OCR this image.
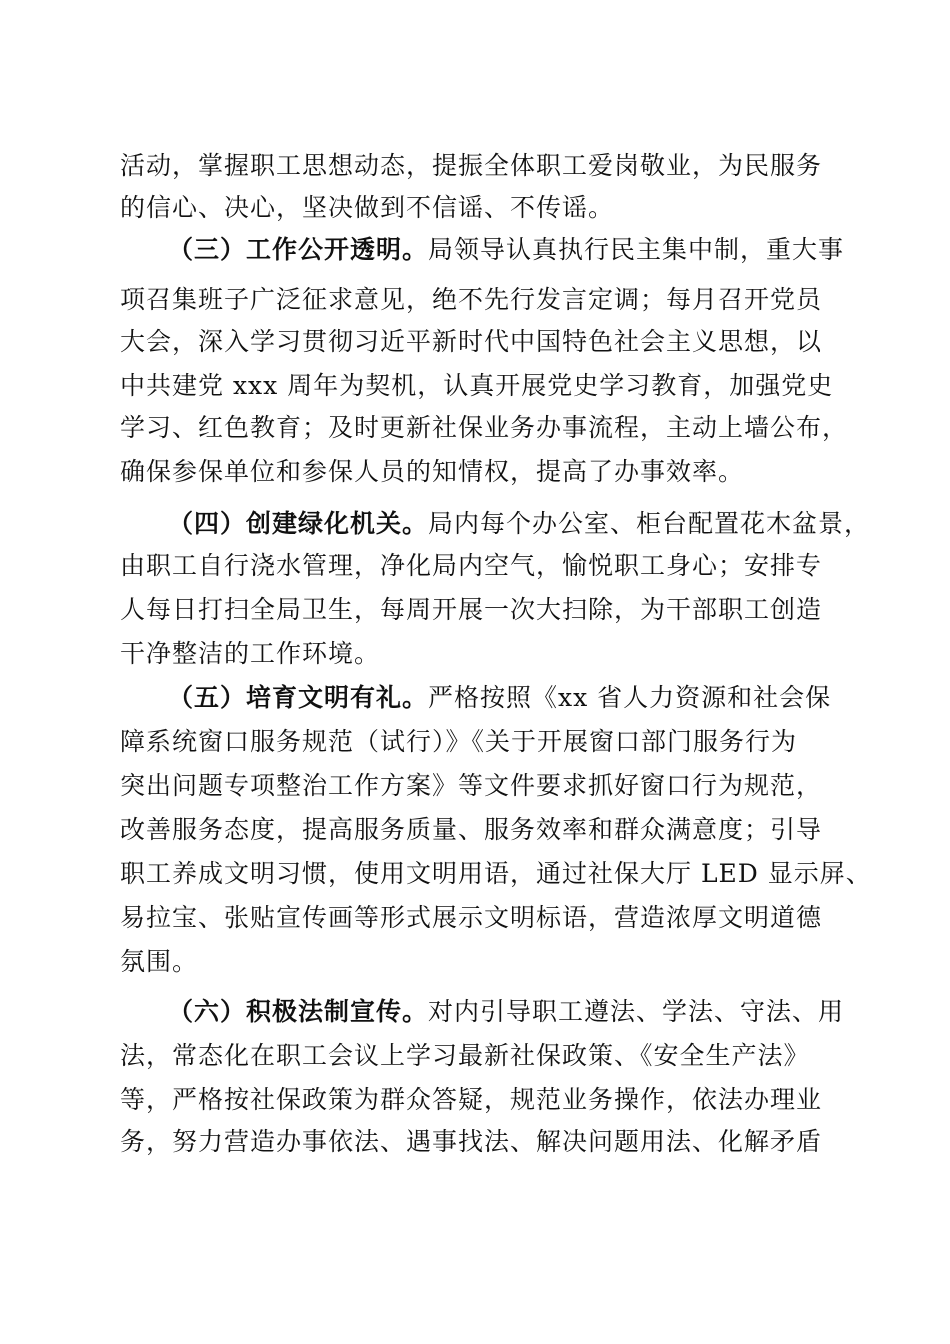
活动，掌握职工思想动态，提振全体职工爱岗敬业，为民服务
的信心、决心，坚决做到不信谣、不传谣。
（三）工作公开透明。局领导认真执行民主集中制，重大事
项召集班子广泛征求意见，绝不先行发言定调；每月召开党员
大会，深入学习贯彻习近平新时代中国特色社会主义思想，以
中共建党 xxx 周年为契机，认真开展党史学习教育，加强党史
学习、红色教育；及时更新社保业务办事流程，主动上墙公布，
确保参保单位和参保人员的知情权，提高了办事效率。
（四）创建绿化机关。局内每个办公室、柜台配置花木盆景，
由职工自行浇水管理，净化局内空气，愉悦职工身心；安排专
人每日打扫全局卫生，每周开展一次大扫除，为干部职工创造
干净整洁的工作环境。
（五）培育文明有礼。严格按照《xx 省人力资源和社会保
障系统窗口服务规范（试行）》《关于开展窗口部门服务行为
突出问题专项整治工作方案》等文件要求抓好窗口行为规范，
改善服务态度，提高服务质量、服务效率和群众满意度；引导
职工养成文明习惯，使用文明用语，通过社保大厅 LED 显示屏、
易拉宝、张贴宣传画等形式展示文明标语，营造浓厚文明道德
氛围。
（六）积极法制宣传。对内引导职工遵法、学法、守法、用
法，常态化在职工会议上学习最新社保政策、《安全生产法》
等，严格按社保政策为群众答疑，规范业务操作，依法办理业
务，努力营造办事依法、遇事找法、解决问题用法、化解矛盾
